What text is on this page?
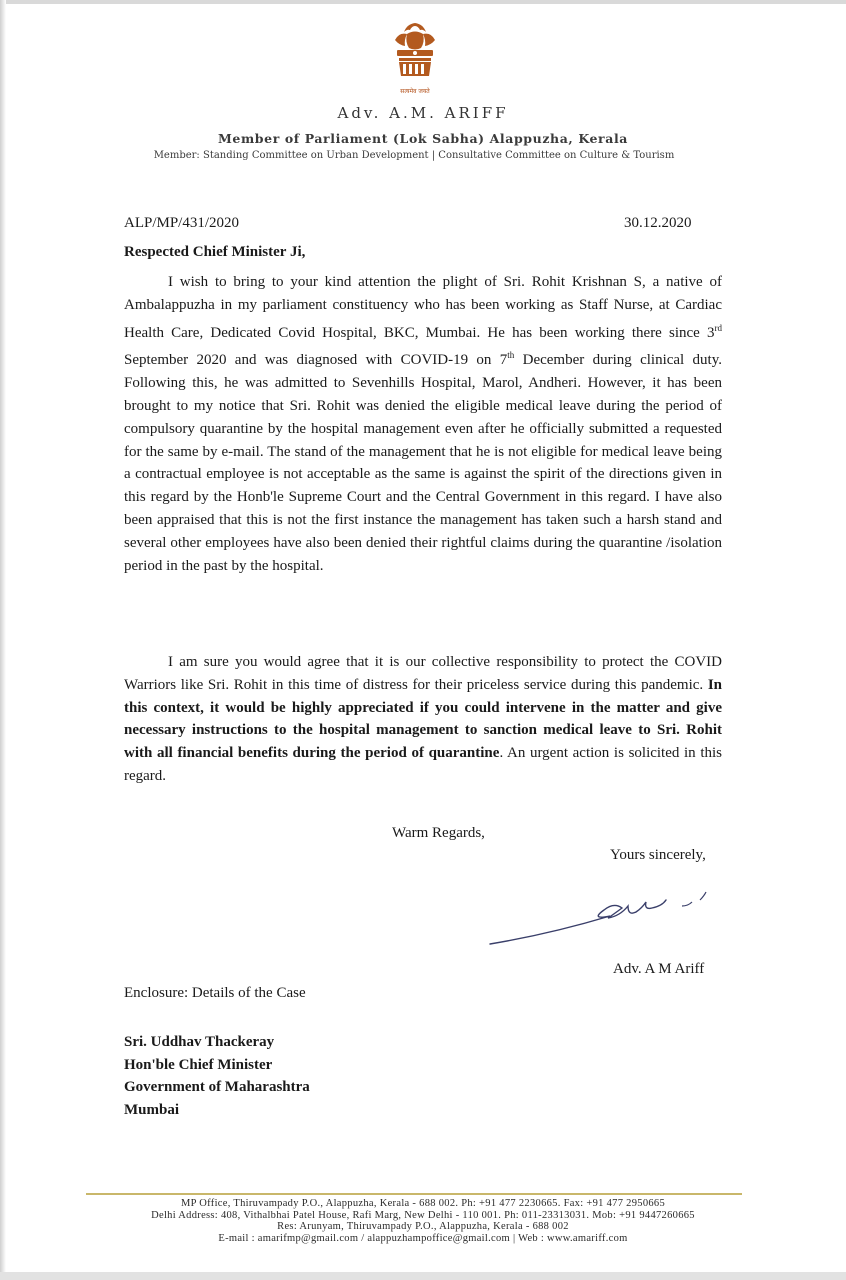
सत्यमेव जयते
Adv. A.M. ARIFF
Member of Parliament (Lok Sabha) Alappuzha, Kerala
Member: Standing Committee on Urban Development | Consultative Committee on Culture & Tourism
ALP/MP/431/2020	30.12.2020
Respected Chief Minister Ji,

I wish to bring to your kind attention the plight of Sri. Rohit Krishnan S, a native of Ambalappuzha in my parliament constituency who has been working as Staff Nurse, at Cardiac Health Care, Dedicated Covid Hospital, BKC, Mumbai. He has been working there since 3rd September 2020 and was diagnosed with COVID-19 on 7th December during clinical duty. Following this, he was admitted to Sevenhills Hospital, Marol, Andheri. However, it has been brought to my notice that Sri. Rohit was denied the eligible medical leave during the period of compulsory quarantine by the hospital management even after he officially submitted a requested for the same by e-mail. The stand of the management that he is not eligible for medical leave being a contractual employee is not acceptable as the same is against the spirit of the directions given in this regard by the Honb'le Supreme Court and the Central Government in this regard. I have also been appraised that this is not the first instance the management has taken such a harsh stand and several other employees have also been denied their rightful claims during the quarantine /isolation period in the past by the hospital.

I am sure you would agree that it is our collective responsibility to protect the COVID Warriors like Sri. Rohit in this time of distress for their priceless service during this pandemic. In this context, it would be highly appreciated if you could intervene in the matter and give necessary instructions to the hospital management to sanction medical leave to Sri. Rohit with all financial benefits during the period of quarantine. An urgent action is solicited in this regard.

Warm Regards,
Yours sincerely,
Adv. A M Ariff
Enclosure: Details of the Case
Sri. Uddhav Thackeray
Hon'ble Chief Minister
Government of Maharashtra
Mumbai
MP Office, Thiruvampady P.O., Alappuzha, Kerala - 688 002. Ph: +91 477 2230665. Fax: +91 477 2950665
Delhi Address: 408, Vithalbhai Patel House, Rafi Marg, New Delhi - 110 001. Ph: 011-23313031. Mob: +91 9447260665
Res: Arunyam, Thiruvampady P.O., Alappuzha, Kerala - 688 002
E-mail : amarifmp@gmail.com / alappuzhampoffice@gmail.com | Web : www.amariff.com
